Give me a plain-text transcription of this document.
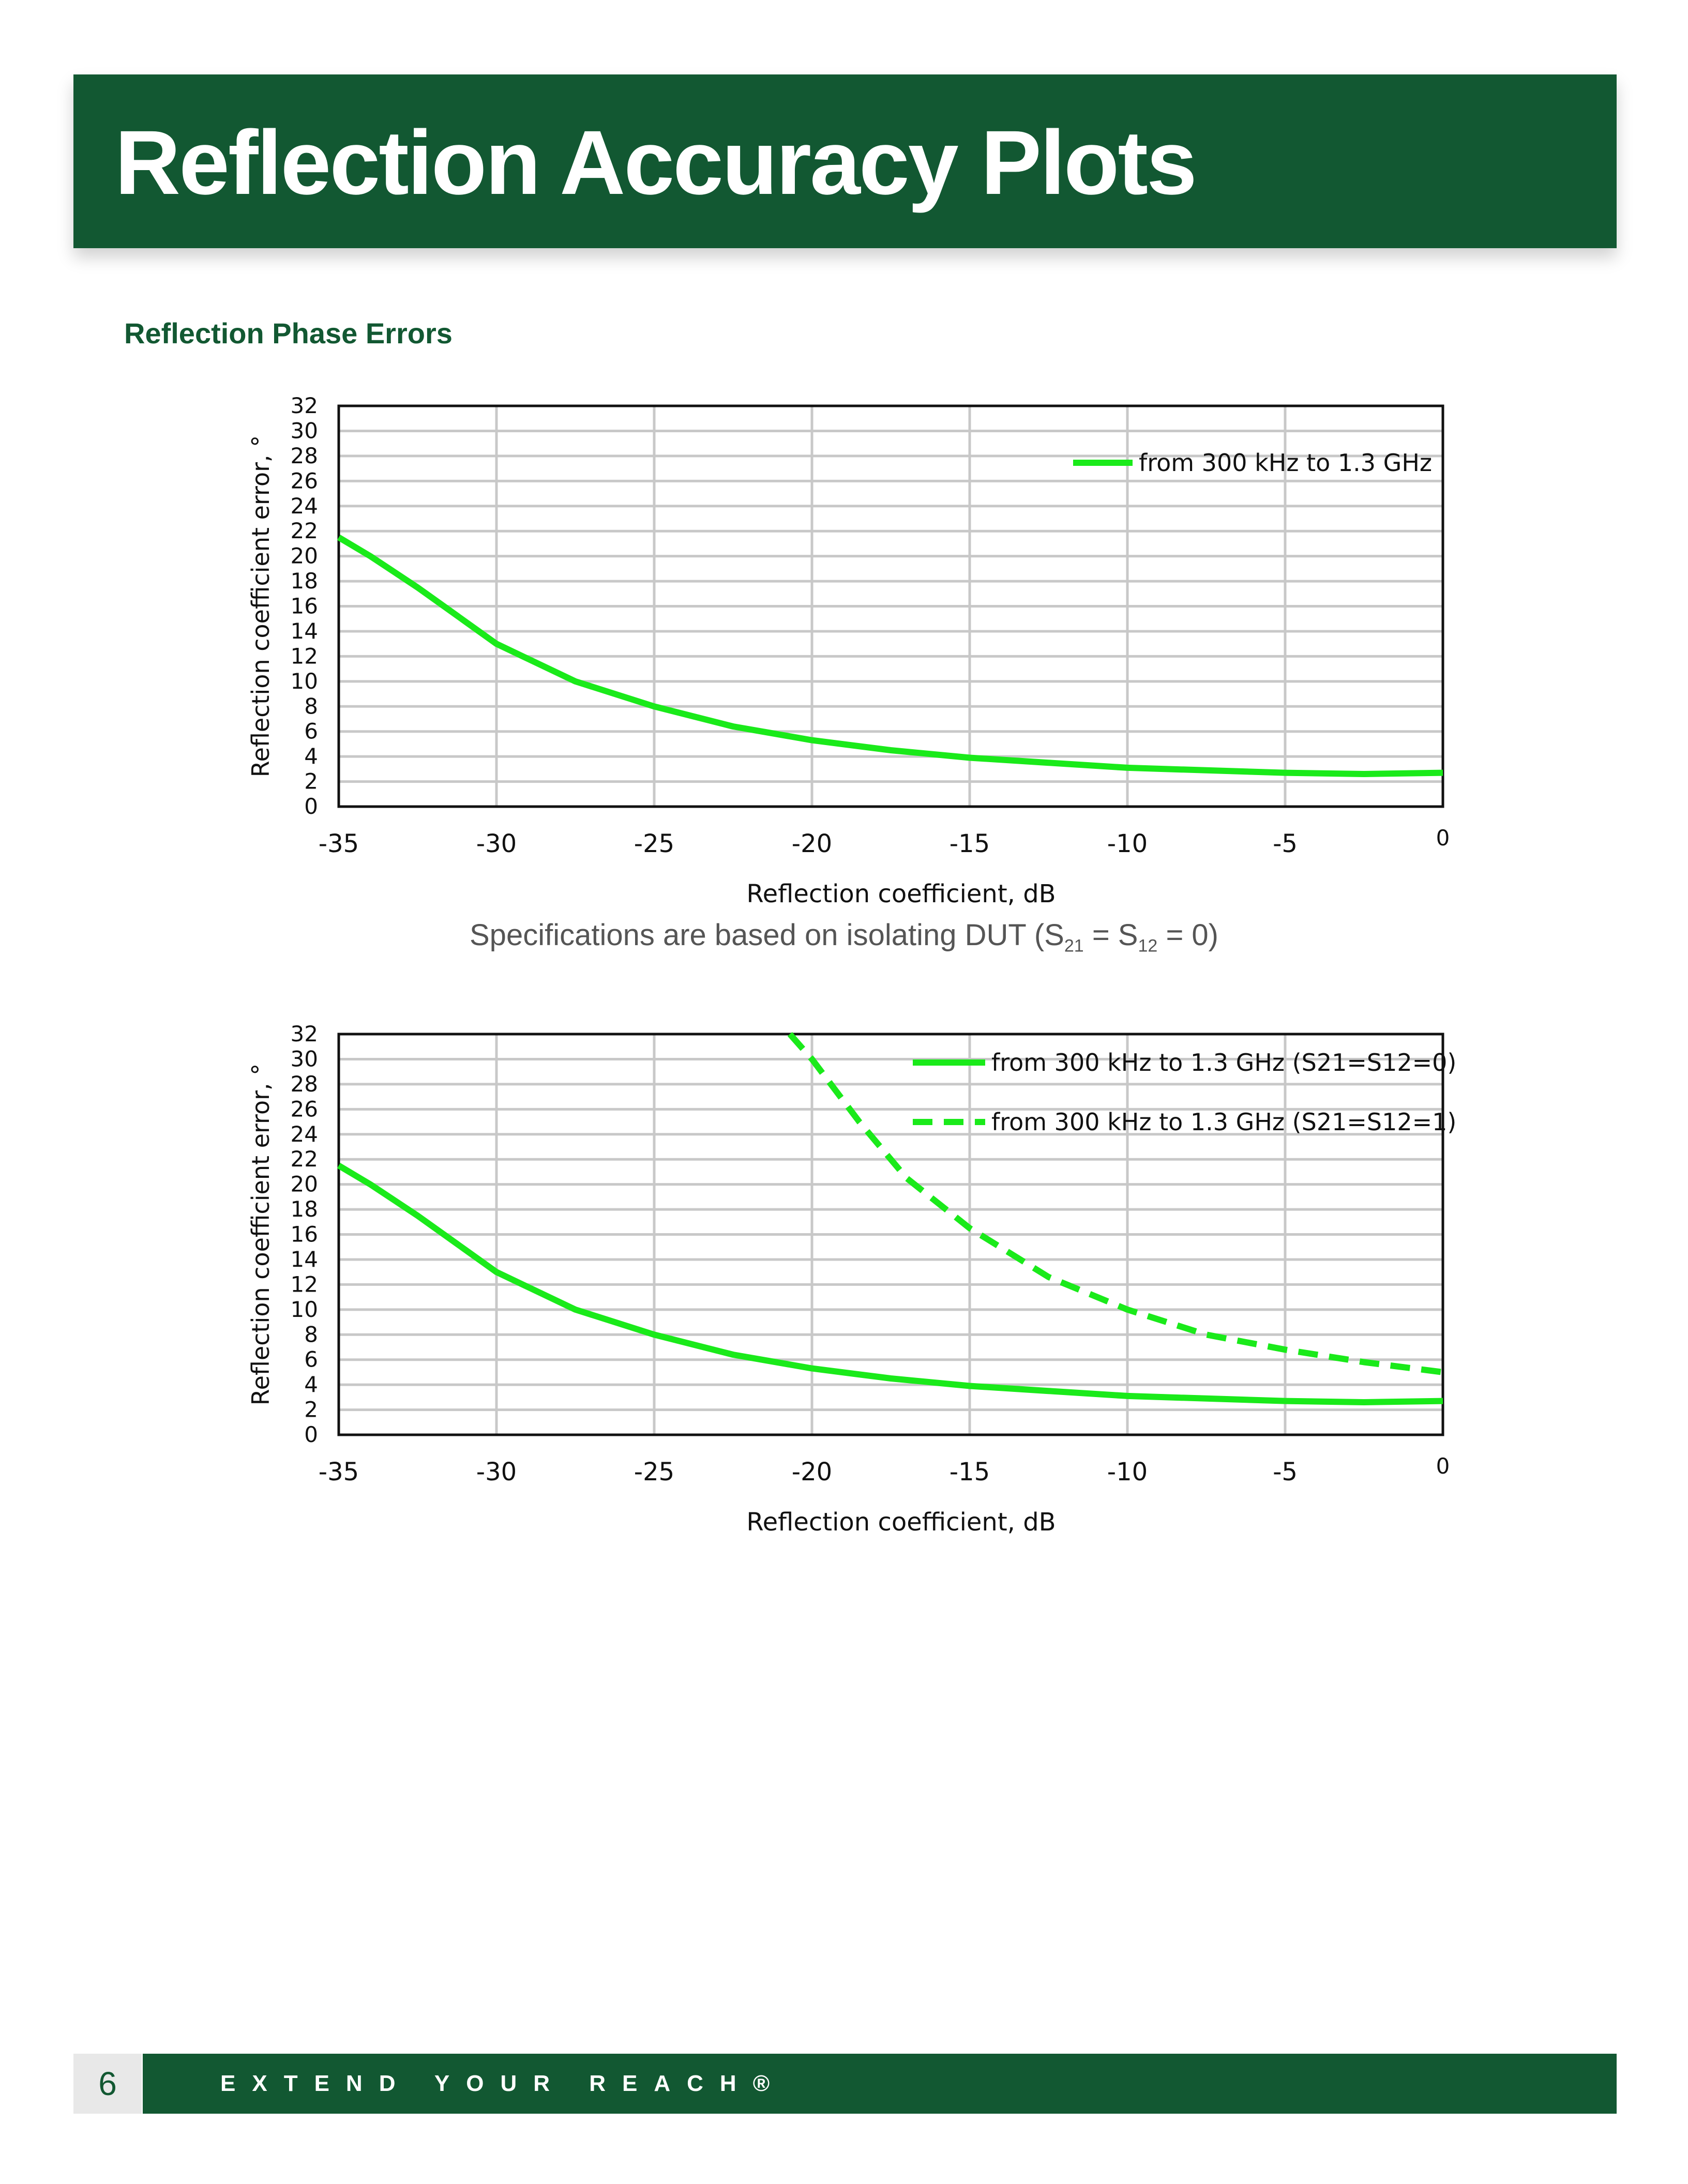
Reflection Accuracy Plots
Reflection Phase Errors
0
2
4
6
8
10
12
14
16
18
20
22
24
26
28
30
32
-35	-30	-25	-20	-15	-10	-5	0
Reflection coefficient, dB
Reflection coefficient error, °	from 300 kHz to 1.3 GHz
Specifications are based on isolating DUT $(S_{21} = S_{12} = 0)$
0
2
4
6
8
10
12
14
16
18
20
22
24
26
28
30
32
-35	-30	-25	-20	-15	-10	-5	0
Reflection coefficient, dB
Reflection coefficient error, °
from 300 kHz to 1.3 GHz (S21=S12=0)
from 300 kHz to 1.3 GHz (S21=S12=1)
6	EXTEND YOUR REACH®
